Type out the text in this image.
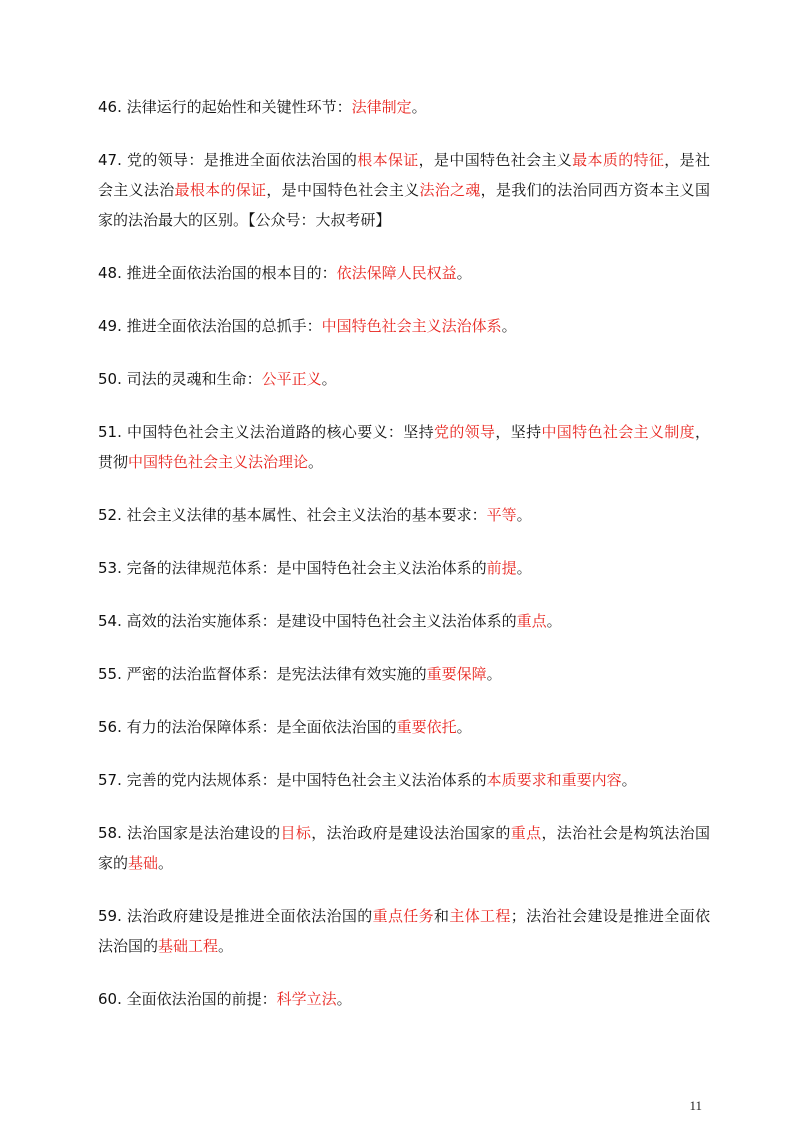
46. 法律运行的起始性和关键性环节：法律制定。

47. 党的领导：是推进全面依法治国的根本保证，是中国特色社会主义最本质的特征，是社会主义法治最根本的保证，是中国特色社会主义法治之魂，是我们的法治同西方资本主义国家的法治最大的区别。【公众号：大叔考研】

48. 推进全面依法治国的根本目的：依法保障人民权益。

49. 推进全面依法治国的总抓手：中国特色社会主义法治体系。

50. 司法的灵魂和生命：公平正义。

51. 中国特色社会主义法治道路的核心要义：坚持党的领导，坚持中国特色社会主义制度，贯彻中国特色社会主义法治理论。

52. 社会主义法律的基本属性、社会主义法治的基本要求：平等。

53. 完备的法律规范体系：是中国特色社会主义法治体系的前提。

54. 高效的法治实施体系：是建设中国特色社会主义法治体系的重点。

55. 严密的法治监督体系：是宪法法律有效实施的重要保障。

56. 有力的法治保障体系：是全面依法治国的重要依托。

57. 完善的党内法规体系：是中国特色社会主义法治体系的本质要求和重要内容。

58. 法治国家是法治建设的目标，法治政府是建设法治国家的重点，法治社会是构筑法治国家的基础。

59. 法治政府建设是推进全面依法治国的重点任务和主体工程；法治社会建设是推进全面依法治国的基础工程。

60. 全面依法治国的前提：科学立法。

11
